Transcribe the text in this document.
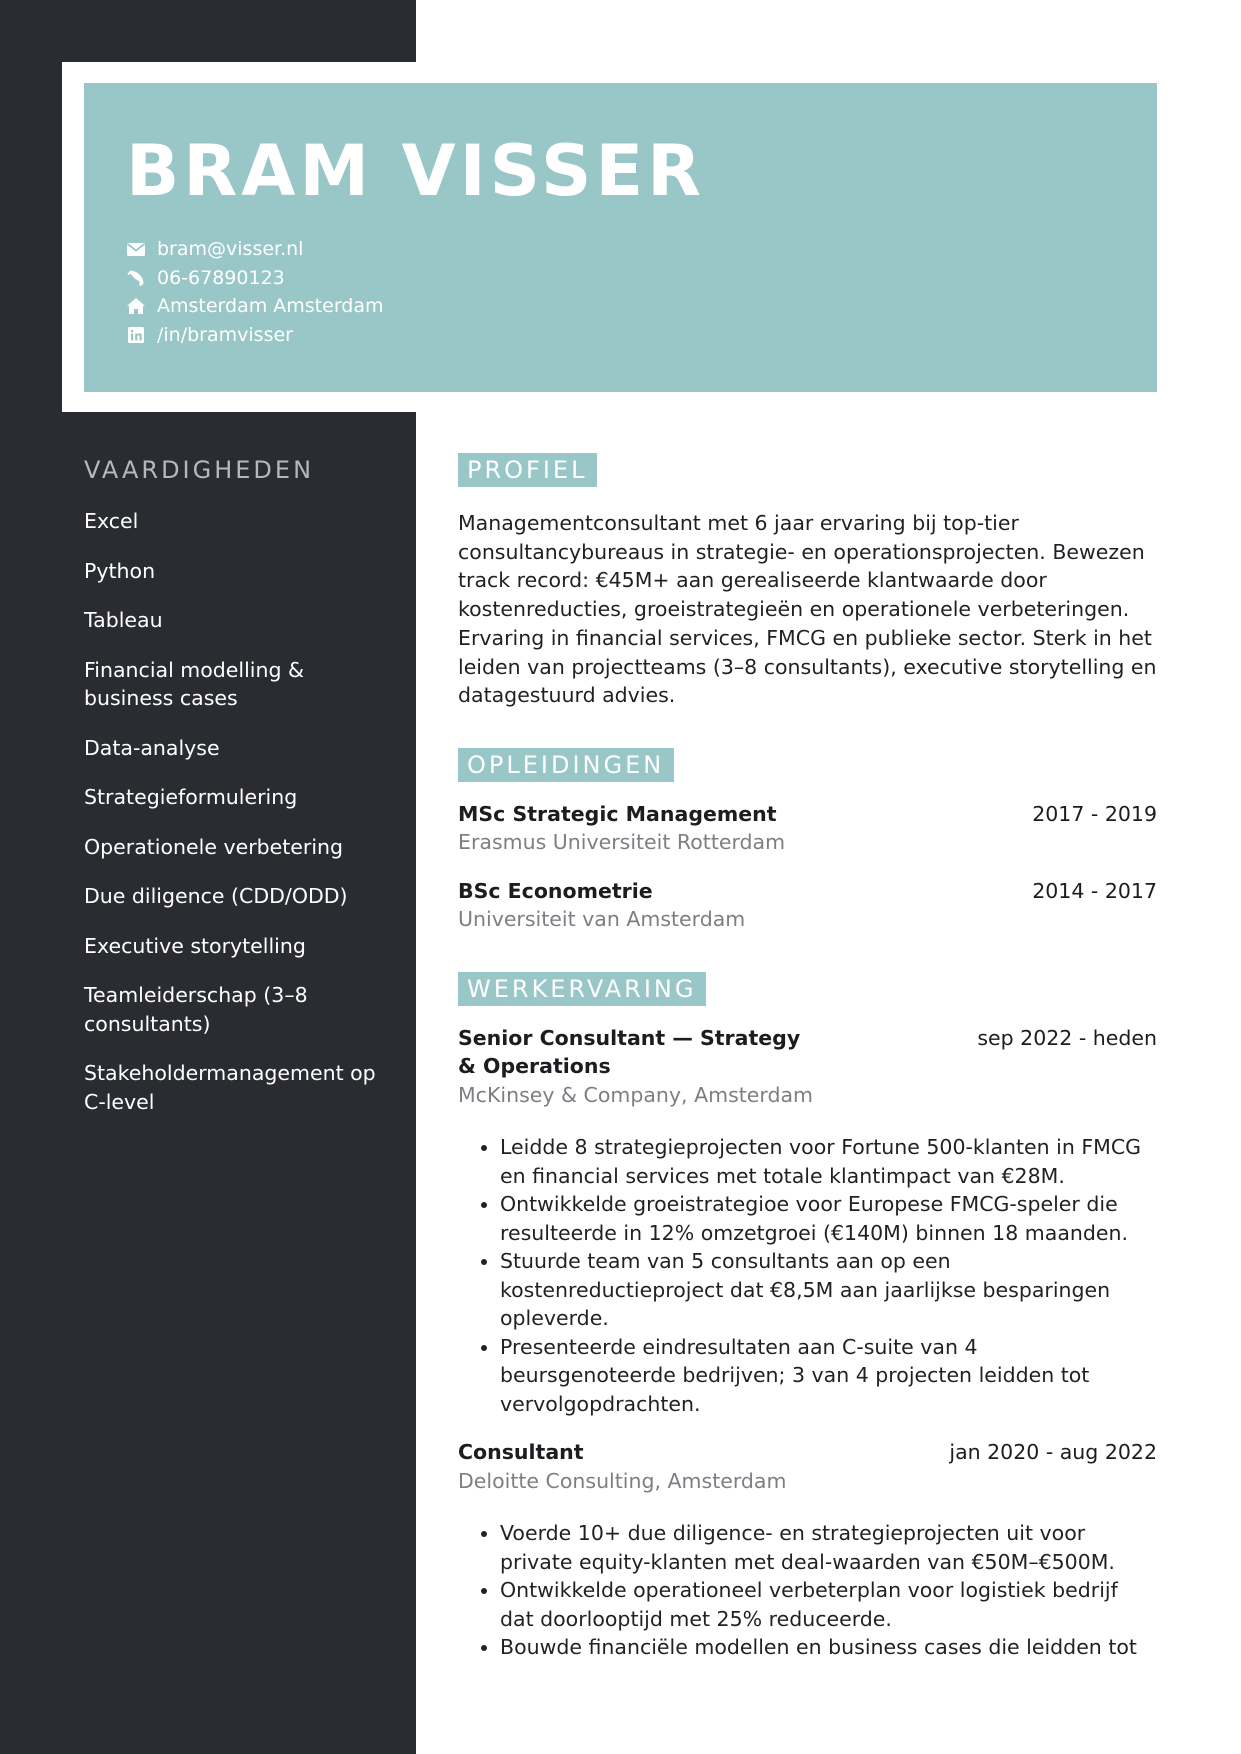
BRAM VISSER
bram@visser.nl
06-67890123
Amsterdam Amsterdam
/in/bramvisser
VAARDIGHEDEN
Excel
Python
Tableau
Financial modelling & business cases
Data-analyse
Strategieformulering
Operationele verbetering
Due diligence (CDD/ODD)
Executive storytelling
Teamleiderschap (3–8 consultants)
Stakeholdermanagement op C-level
PROFIEL

Managementconsultant met 6 jaar ervaring bij top-tier consultancybureaus in strategie- en operationsprojecten. Bewezen track record: €45M+ aan gerealiseerde klantwaarde door kostenreducties, groeistrategieën en operationele verbeteringen. Ervaring in financial services, FMCG en publieke sector. Sterk in het leiden van projectteams (3–8 consultants), executive storytelling en datagestuurd advies.

OPLEIDINGEN
MSc Strategic Management	2017 - 2019
Erasmus Universiteit Rotterdam
BSc Econometrie	2014 - 2017
Universiteit van Amsterdam
WERKERVARING
Senior Consultant — Strategy & Operations
sep 2022 - heden
McKinsey & Company, Amsterdam
• Leidde 8 strategieprojecten voor Fortune 500-klanten in FMCG en financial services met totale klantimpact van €28M.
• Ontwikkelde groeistrategioe voor Europese FMCG-speler die resulteerde in 12% omzetgroei (€140M) binnen 18 maanden.
• Stuurde team van 5 consultants aan op een kostenreductieproject dat €8,5M aan jaarlijkse besparingen opleverde.
• Presenteerde eindresultaten aan C-suite van 4 beursgenoteerde bedrijven; 3 van 4 projecten leidden tot vervolgopdrachten.
Consultant	jan 2020 - aug 2022
Deloitte Consulting, Amsterdam
• Voerde 10+ due diligence- en strategieprojecten uit voor private equity-klanten met deal-waarden van €50M–€500M.
• Ontwikkelde operationeel verbeterplan voor logistiek bedrijf dat doorlooptijd met 25% reduceerde.
• Bouwde financiële modellen en business cases die leidden tot
